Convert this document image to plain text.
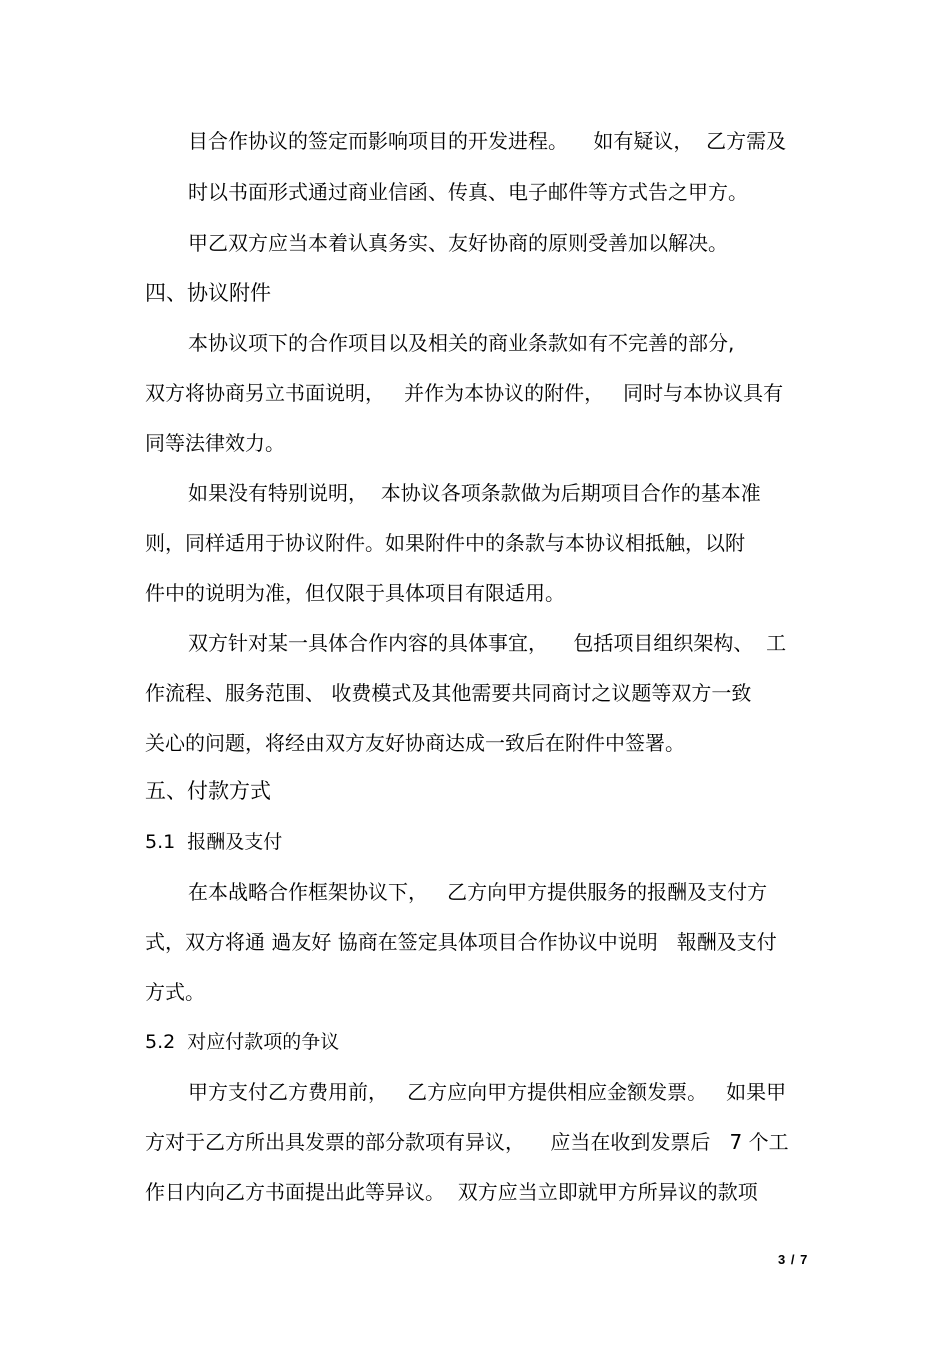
目合作协议的签定而影响项目的开发进程。    如有疑议，  乙方需及
时以书面形式通过商业信函、传真、电子邮件等方式告之甲方。
甲乙双方应当本着认真务实、友好协商的原则受善加以解决。
四、协议附件
本协议项下的合作项目以及相关的商业条款如有不完善的部分,
双方将协商另立书面说明，   并作为本协议的附件，   同时与本协议具有
同等法律效力。
如果没有特别说明，  本协议各项条款做为后期项目合作的基本准
则，同样适用于协议附件。如果附件中的条款与本协议相抵触，以附
件中的说明为准，但仅限于具体项目有限适用。
双方针对某一具体合作内容的具体事宜，    包括项目组织架构、  工
作流程、服务范围、 收费模式及其他需要共同商讨之议题等双方一致
关心的问题，将经由双方友好协商达成一致后在附件中签署。
五、付款方式
5.1  报酬及支付
在本战略合作框架协议下，   乙方向甲方提供服务的报酬及支付方
式，双方将通 過友好 協商在签定具体项目合作协议中说明   報酬及支付
方式。
5.2  对应付款项的争议
甲方支付乙方费用前，   乙方应向甲方提供相应金额发票。   如果甲
方对于乙方所出具发票的部分款项有异议，    应当在收到发票后   7 个工
作日内向乙方书面提出此等异议。  双方应当立即就甲方所异议的款项
3 / 7
